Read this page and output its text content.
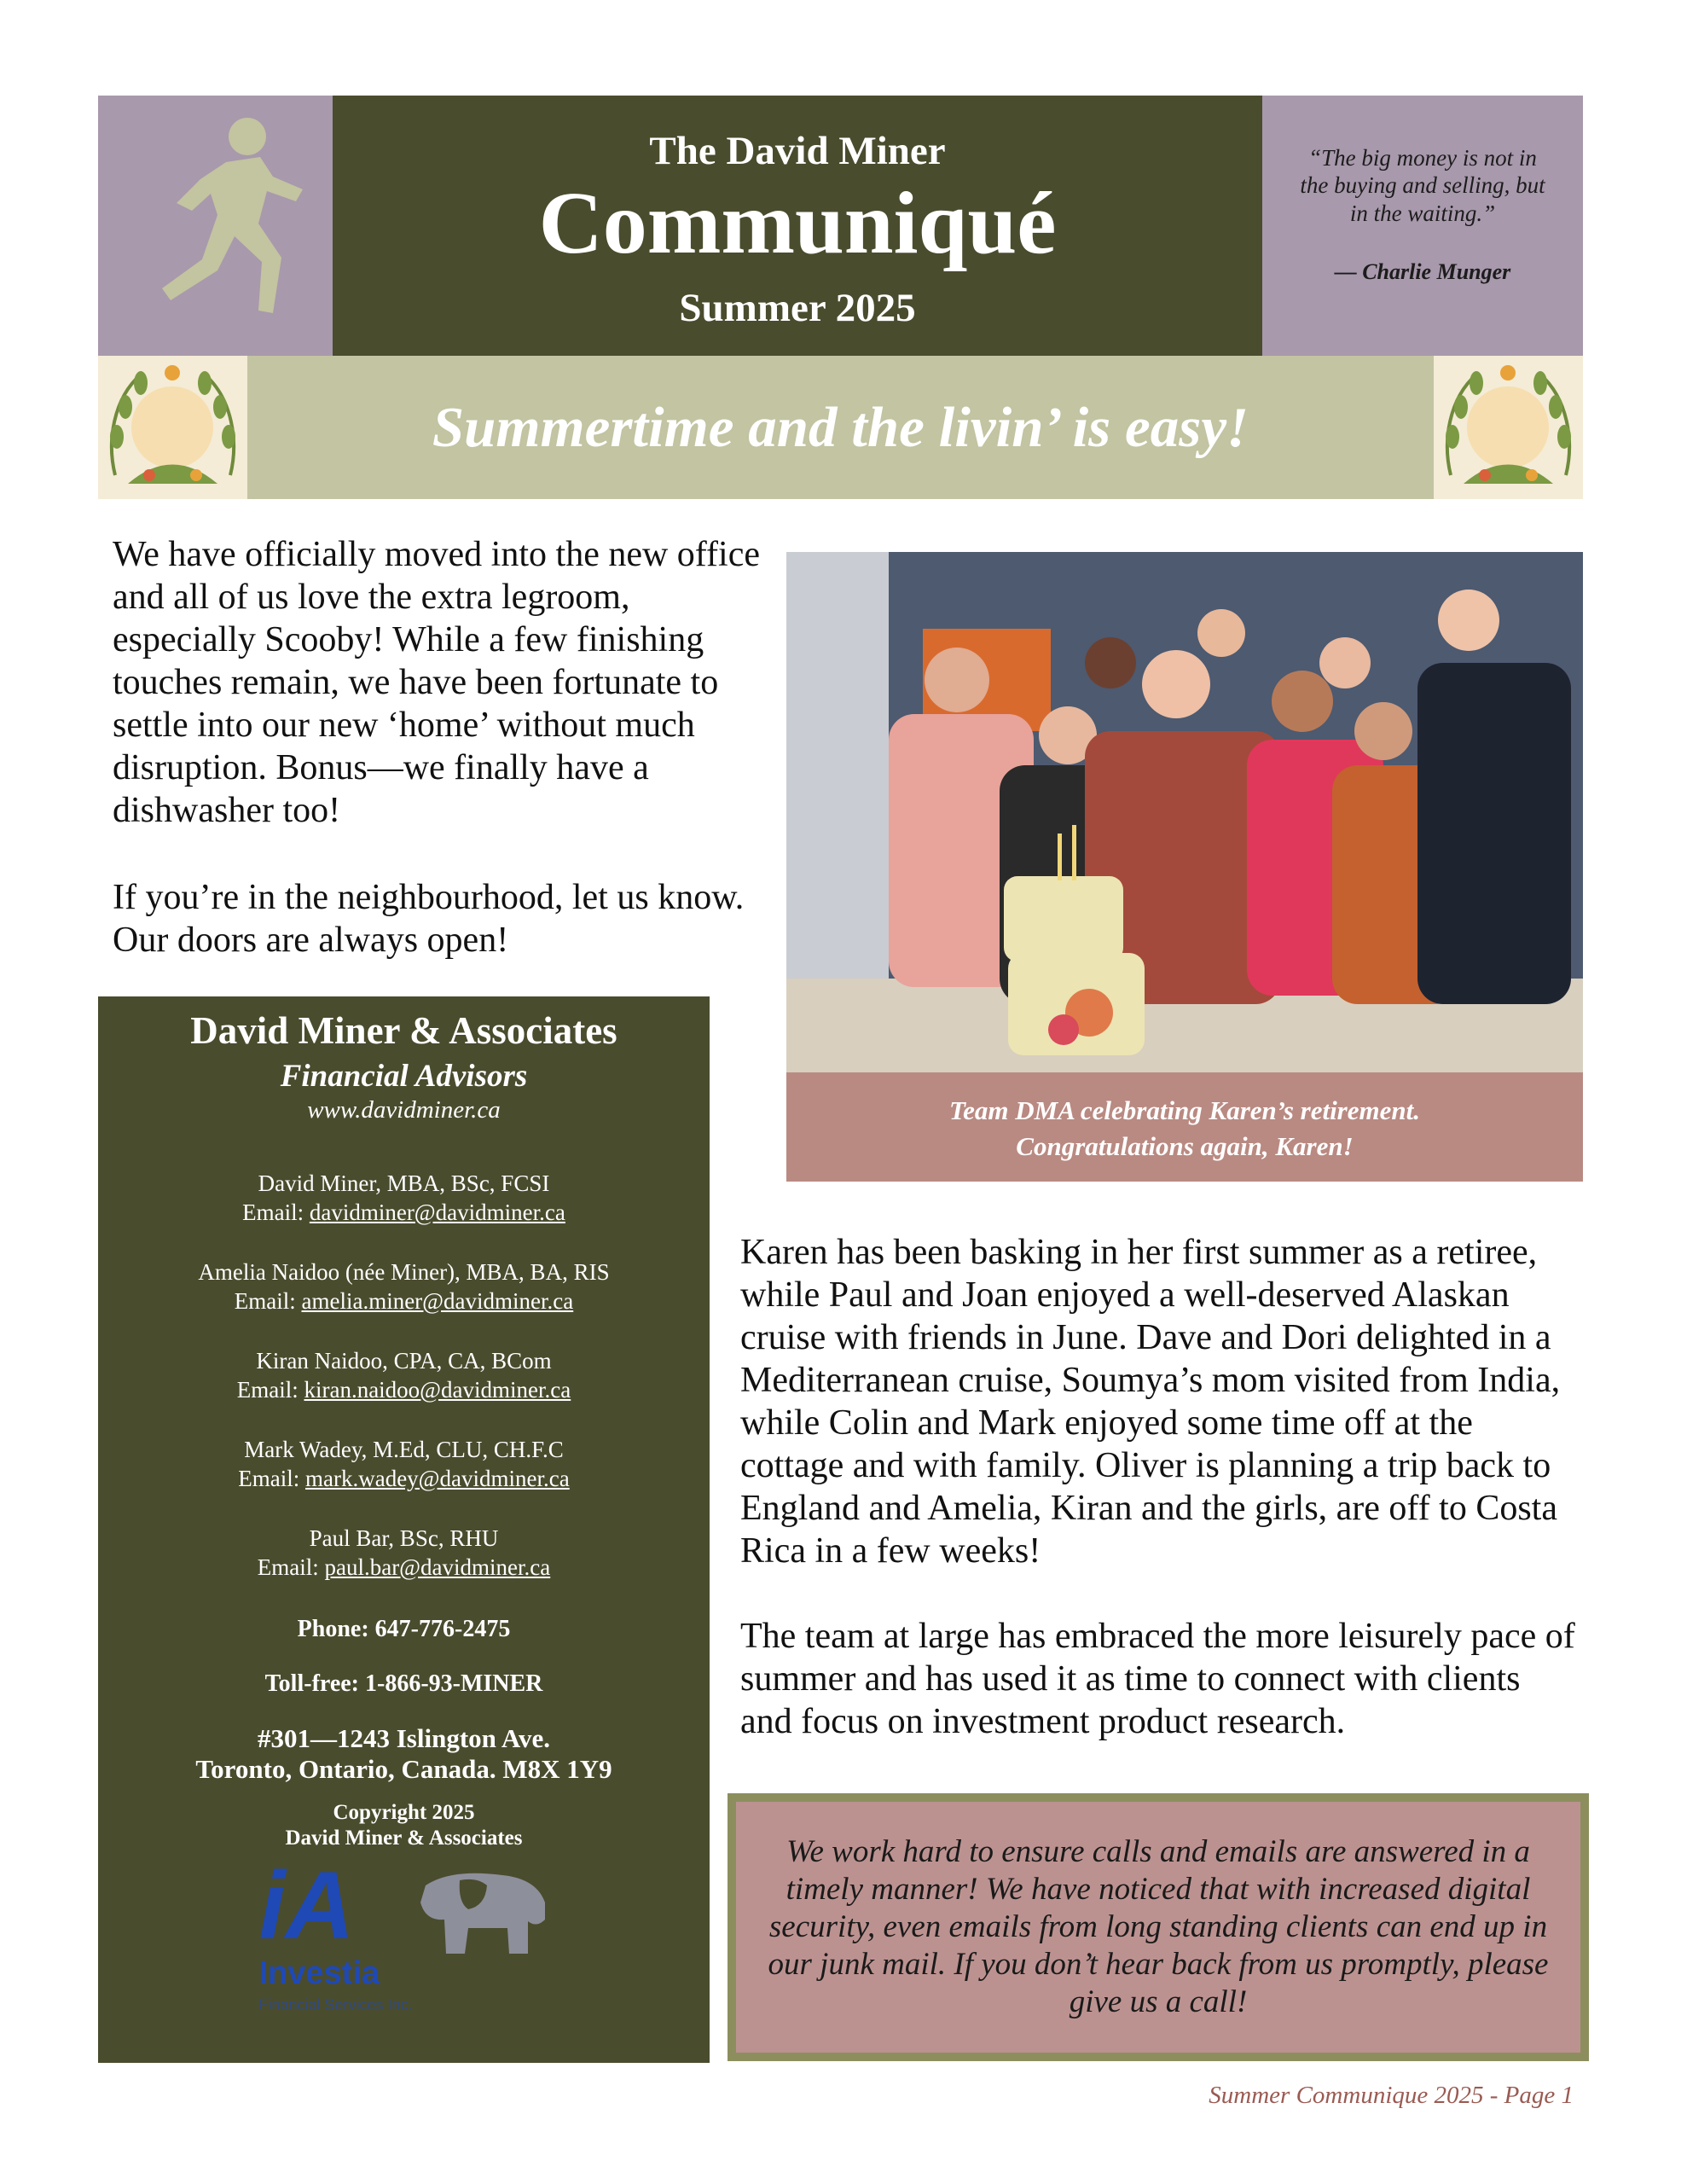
The David Miner
Communiqué
Summer 2025
“The big money is not in the buying and selling, but in the waiting.”
— Charlie Munger
Summertime and the livin’ is easy!

We have officially moved into the new office and all of us love the extra legroom, especially Scooby! While a few finishing touches remain, we have been fortunate to settle into our new ‘home’ without much disruption. Bonus—we finally have a dishwasher too!

If you’re in the neighbourhood, let us know. Our doors are always open!

Team DMA celebrating Karen’s retirement.
Congratulations again, Karen!

Karen has been basking in her first summer as a retiree, while Paul and Joan enjoyed a well-deserved Alaskan cruise with friends in June. Dave and Dori delighted in a Mediterranean cruise, Soumya’s mom visited from India, while Colin and Mark enjoyed some time off at the cottage and with family. Oliver is planning a trip back to England and Amelia, Kiran and the girls, are off to Costa Rica in a few weeks!

The team at large has embraced the more leisurely pace of summer and has used it as time to connect with clients and focus on investment product research.

David Miner & Associates
Financial Advisors
www.davidminer.ca
David Miner, MBA, BSc, FCSI
Email: davidminer@davidminer.ca
Amelia Naidoo (née Miner), MBA, BA, RIS
Email: amelia.miner@davidminer.ca
Kiran Naidoo, CPA, CA, BCom
Email: kiran.naidoo@davidminer.ca
Mark Wadey, M.Ed, CLU, CH.F.C
Email: mark.wadey@davidminer.ca
Paul Bar, BSc, RHU
Email: paul.bar@davidminer.ca
Phone: 647-776-2475
Toll-free: 1-866-93-MINER
#301—1243 Islington Ave.
Toronto, Ontario, Canada. M8X 1Y9
Copyright 2025
David Miner & Associates
iA
Investia
Financial Services Inc.
We work hard to ensure calls and emails are answered in a timely manner! We have noticed that with increased digital security, even emails from long standing clients can end up in our junk mail. If you don’t hear back from us promptly, please give us a call!
Summer Communique 2025 - Page 1
